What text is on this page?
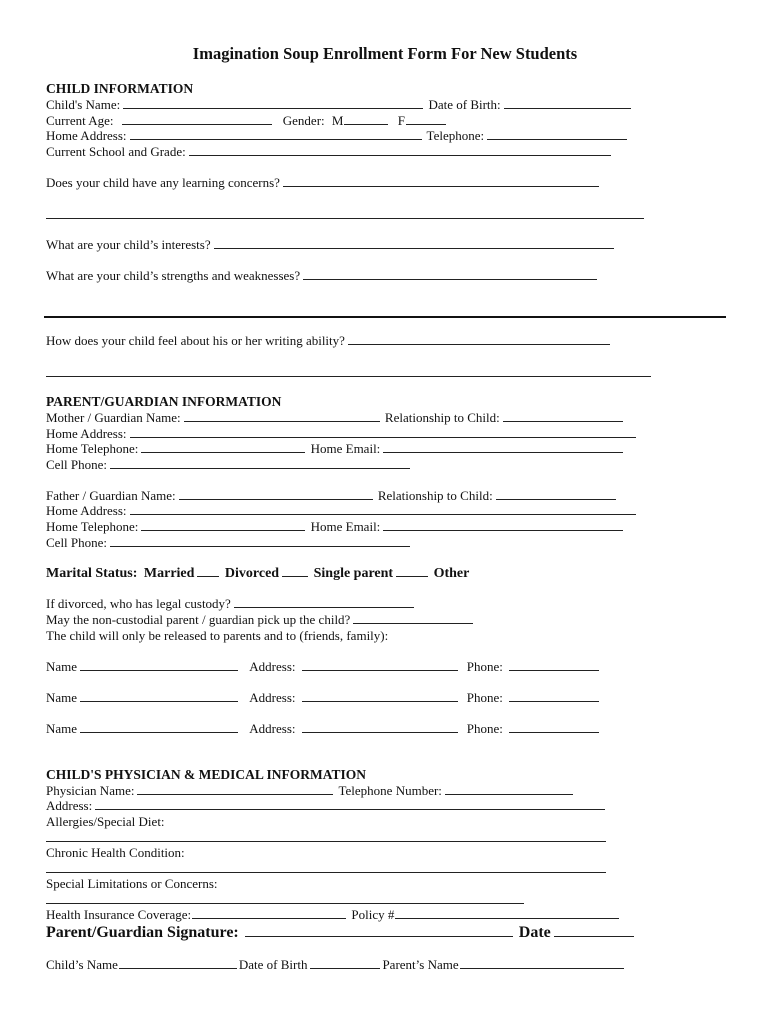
Imagination Soup Enrollment Form For New Students
CHILD INFORMATION
Child's Name:	Date of Birth:
Current Age:	Gender: M	F
Home Address:	Telephone:
Current School and Grade:
Does your child have any learning concerns?
What are your child’s interests?
What are your child’s strengths and weaknesses?
How does your child feel about his or her writing ability?
PARENT/GUARDIAN INFORMATION
Mother / Guardian Name:	Relationship to Child:
Home Address:
Home Telephone:	Home Email:
Cell Phone:
Father / Guardian Name:	Relationship to Child:
Home Address:
Home Telephone:	Home Email:
Cell Phone:
Marital Status: Married Divorced Single parent	Other
If divorced, who has legal custody?
May the non-custodial parent / guardian pick up the child?
The child will only be released to parents and to (friends, family):
Name	Address:	Phone:
Name	Address:	Phone:
Name	Address:	Phone:
CHILD'S PHYSICIAN & MEDICAL INFORMATION
Physician Name:	Telephone Number:
Address:
Allergies/Special Diet:
Chronic Health Condition:
Special Limitations or Concerns:
Health Insurance Coverage:	Policy #
Parent/Guardian Signature:	Date
Child’s Name	Date of Birth	Parent’s Name
